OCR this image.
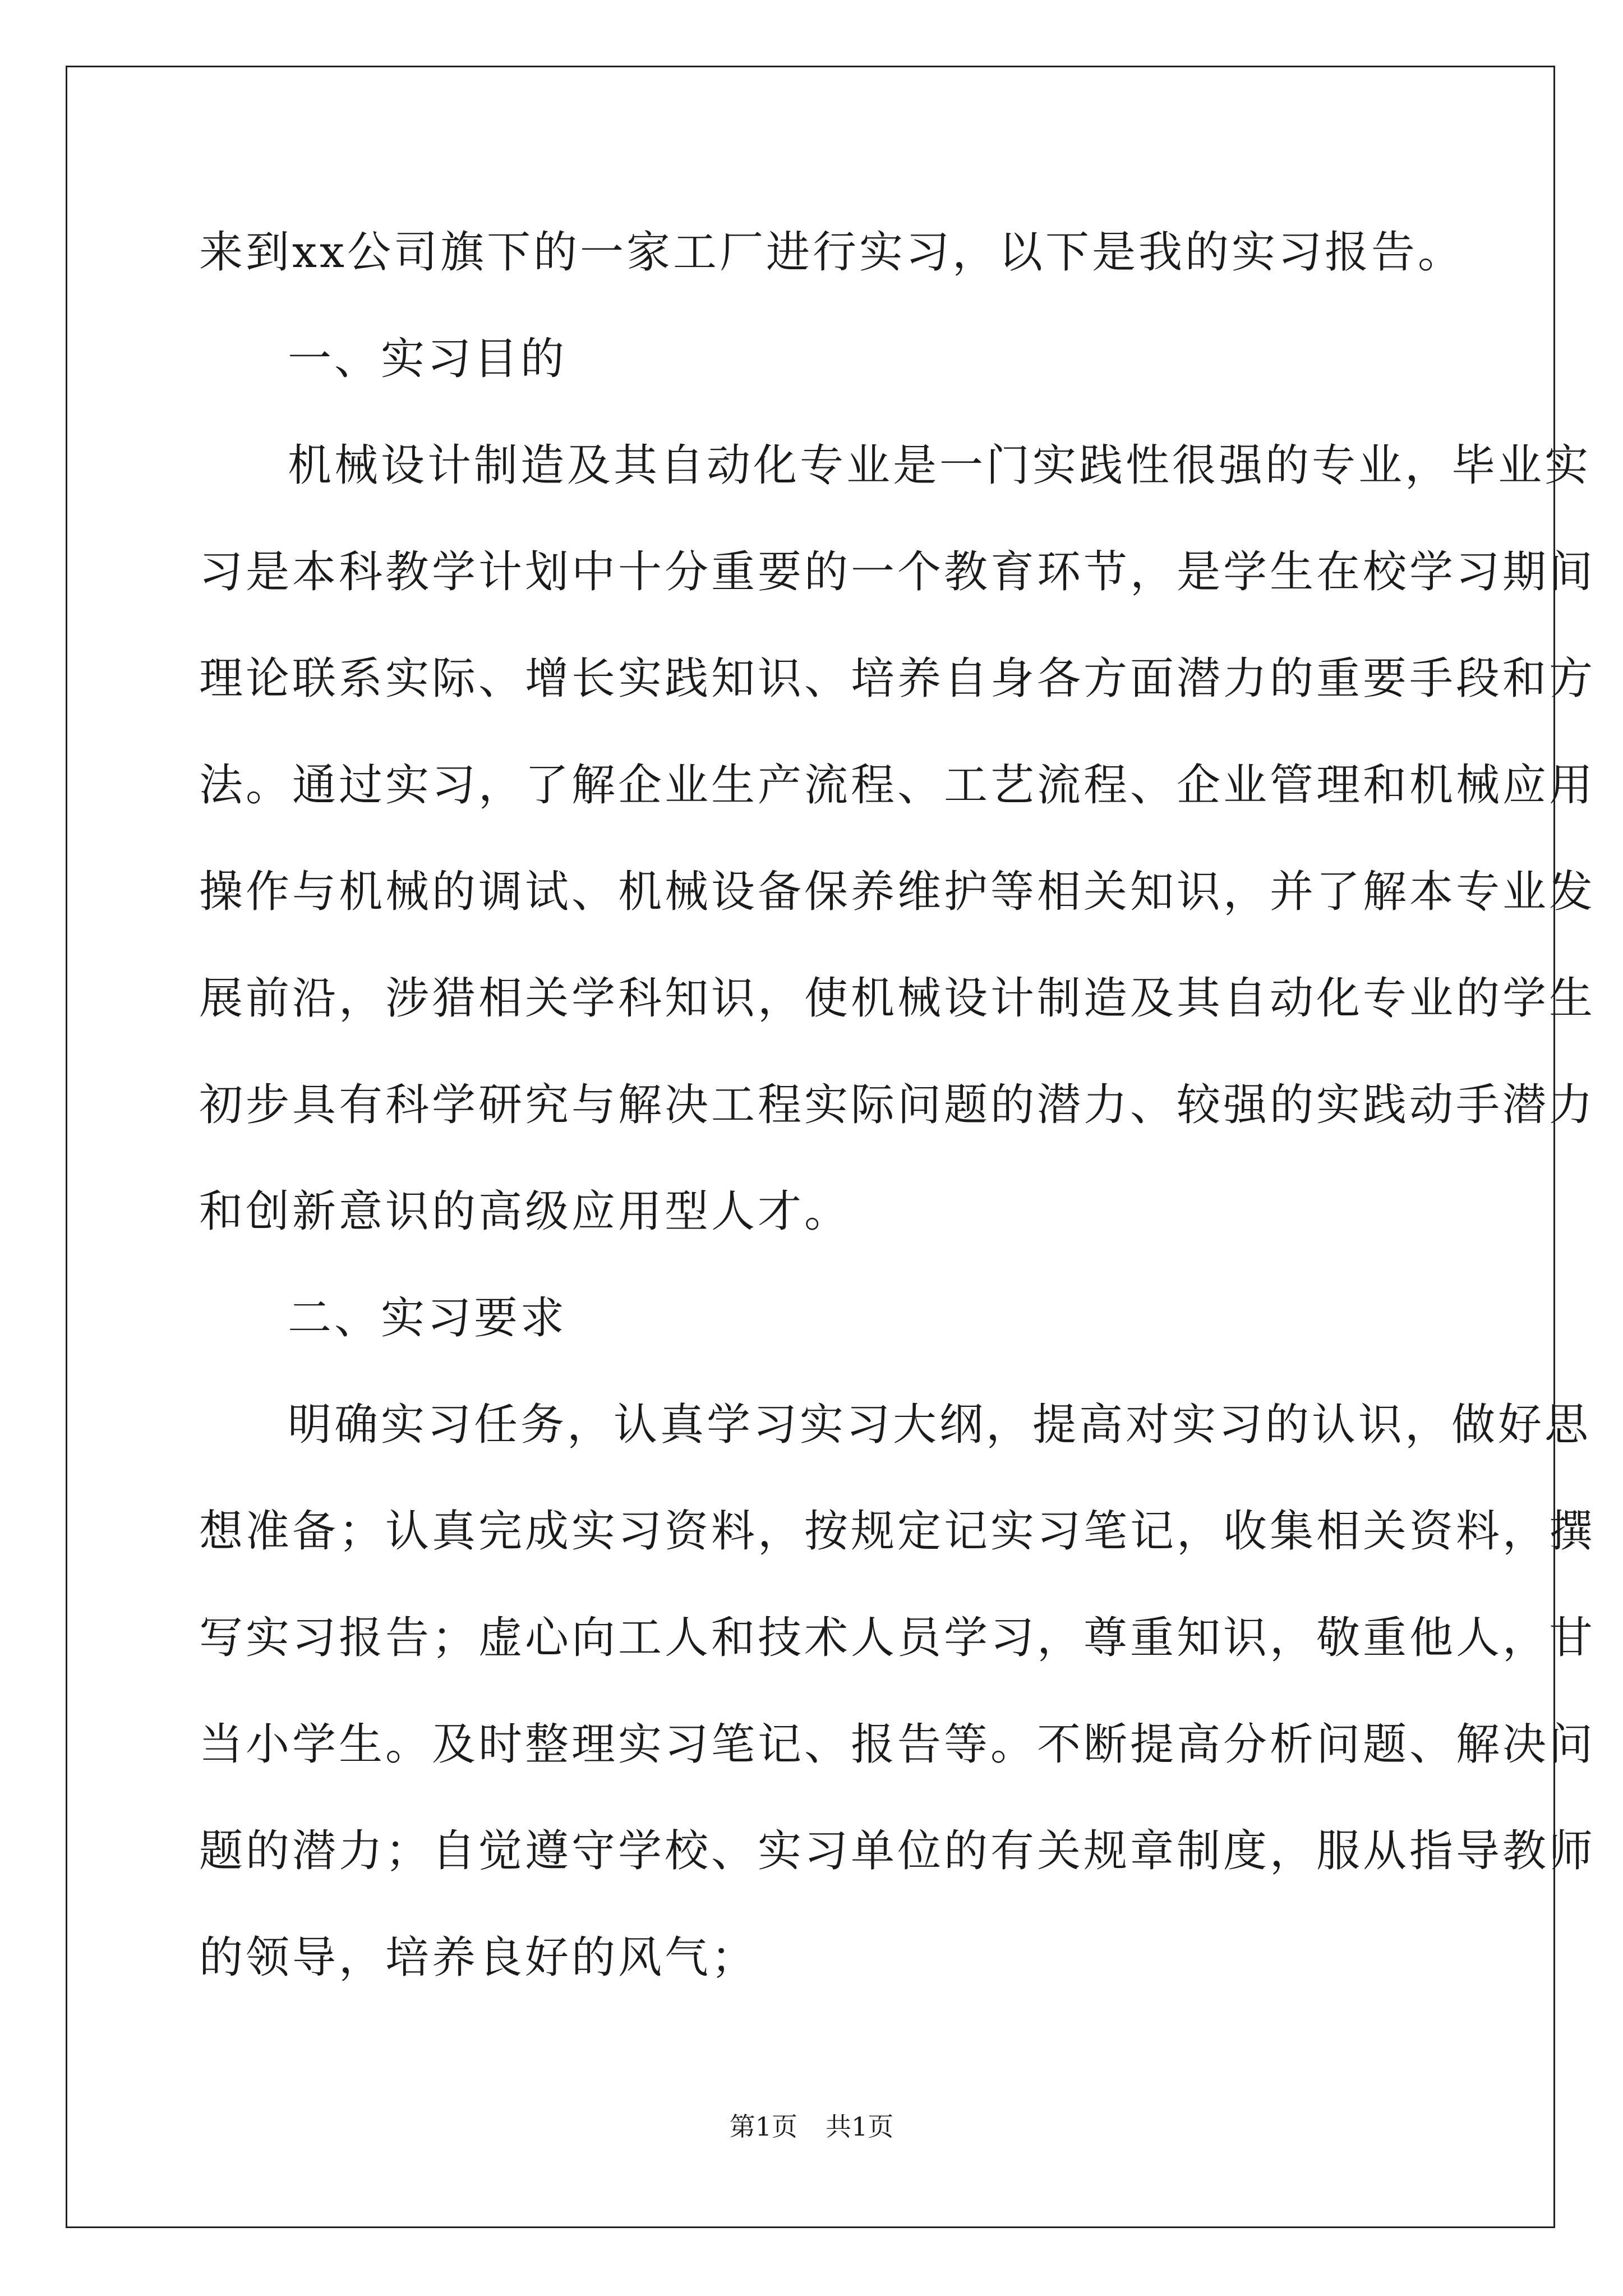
来到xx公司旗下的一家工厂进行实习，以下是我的实习报告。
一、实习目的
机械设计制造及其自动化专业是一门实践性很强的专业，毕业实
习是本科教学计划中十分重要的一个教育环节，是学生在校学习期间
理论联系实际、增长实践知识、培养自身各方面潜力的重要手段和方
法。通过实习，了解企业生产流程、工艺流程、企业管理和机械应用
操作与机械的调试、机械设备保养维护等相关知识，并了解本专业发
展前沿，涉猎相关学科知识，使机械设计制造及其自动化专业的学生
初步具有科学研究与解决工程实际问题的潜力、较强的实践动手潜力
和创新意识的高级应用型人才。
二、实习要求
明确实习任务，认真学习实习大纲，提高对实习的认识，做好思
想准备；认真完成实习资料，按规定记实习笔记，收集相关资料，撰
写实习报告；虚心向工人和技术人员学习，尊重知识，敬重他人，甘
当小学生。及时整理实习笔记、报告等。不断提高分析问题、解决问
题的潜力；自觉遵守学校、实习单位的有关规章制度，服从指导教师
的领导，培养良好的风气；
第1页 共1页
